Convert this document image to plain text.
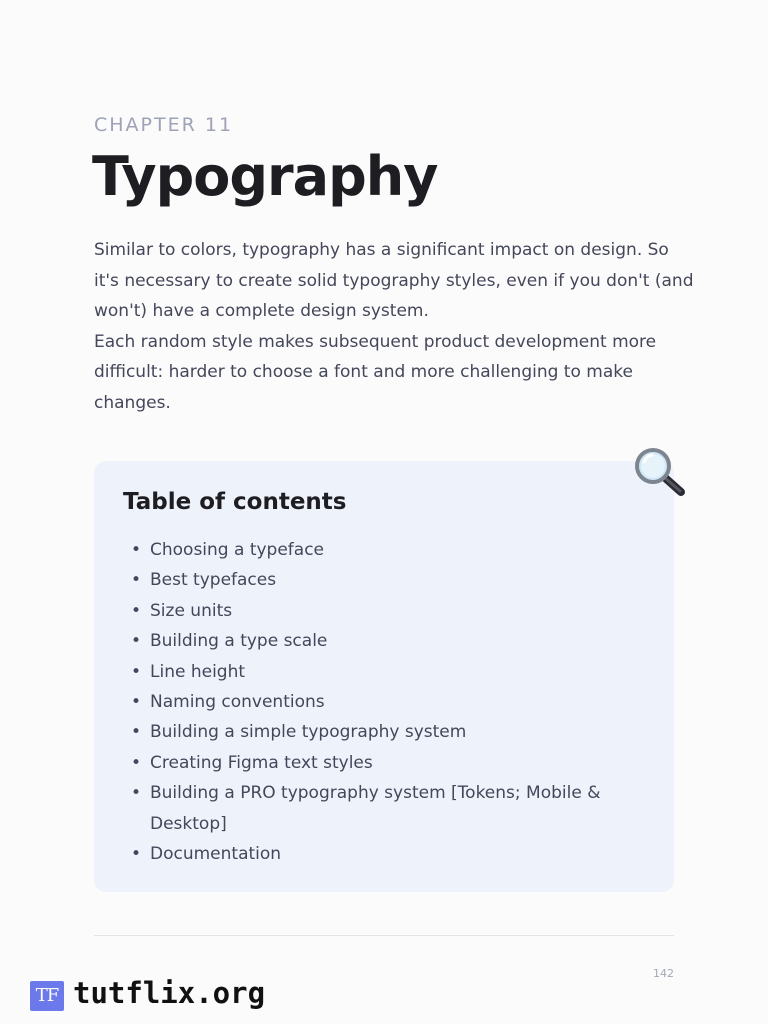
CHAPTER 11
Typography

Similar to colors, typography has a significant impact on design. So it's necessary to create solid typography styles, even if you don't (and won't) have a complete design system.

Each random style makes subsequent product development more difficult: harder to choose a font and more challenging to make changes.

Table of contents
• Choosing a typeface
• Best typefaces
• Size units
• Building a type scale
• Line height
• Naming conventions
• Building a simple typography system
• Creating Figma text styles
• Building a PRO typography system [Tokens; Mobile & Desktop]
• Documentation
142
TF tutflix.org
